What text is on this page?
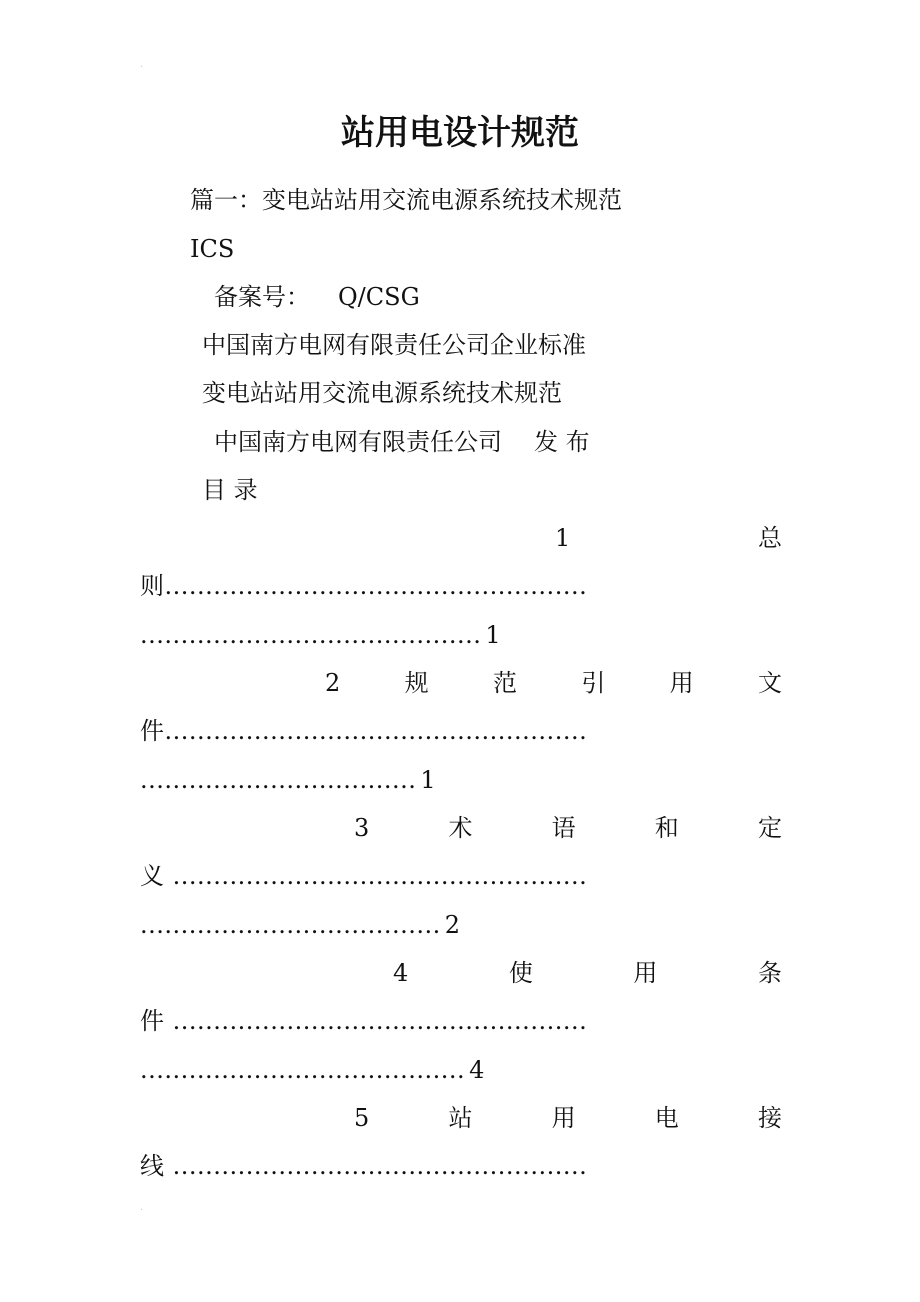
站用电设计规范
篇一：变电站站用交流电源系统技术规范
ICS
备案号： Q/CSG
中国南方电网有限责任公司企业标准
变电站站用交流电源系统技术规范
中国南方电网有限责任公司 发 布
目 录
1	总
则....................................................
.......................................... 1
2	规	范	引	用	文
件....................................................
.................................. 1
3	术	语	和	定
义 ...................................................
..................................... 2
4	使	用	条
件 ...................................................
........................................ 4
5	站	用	电	接
线 ...................................................
·
·
